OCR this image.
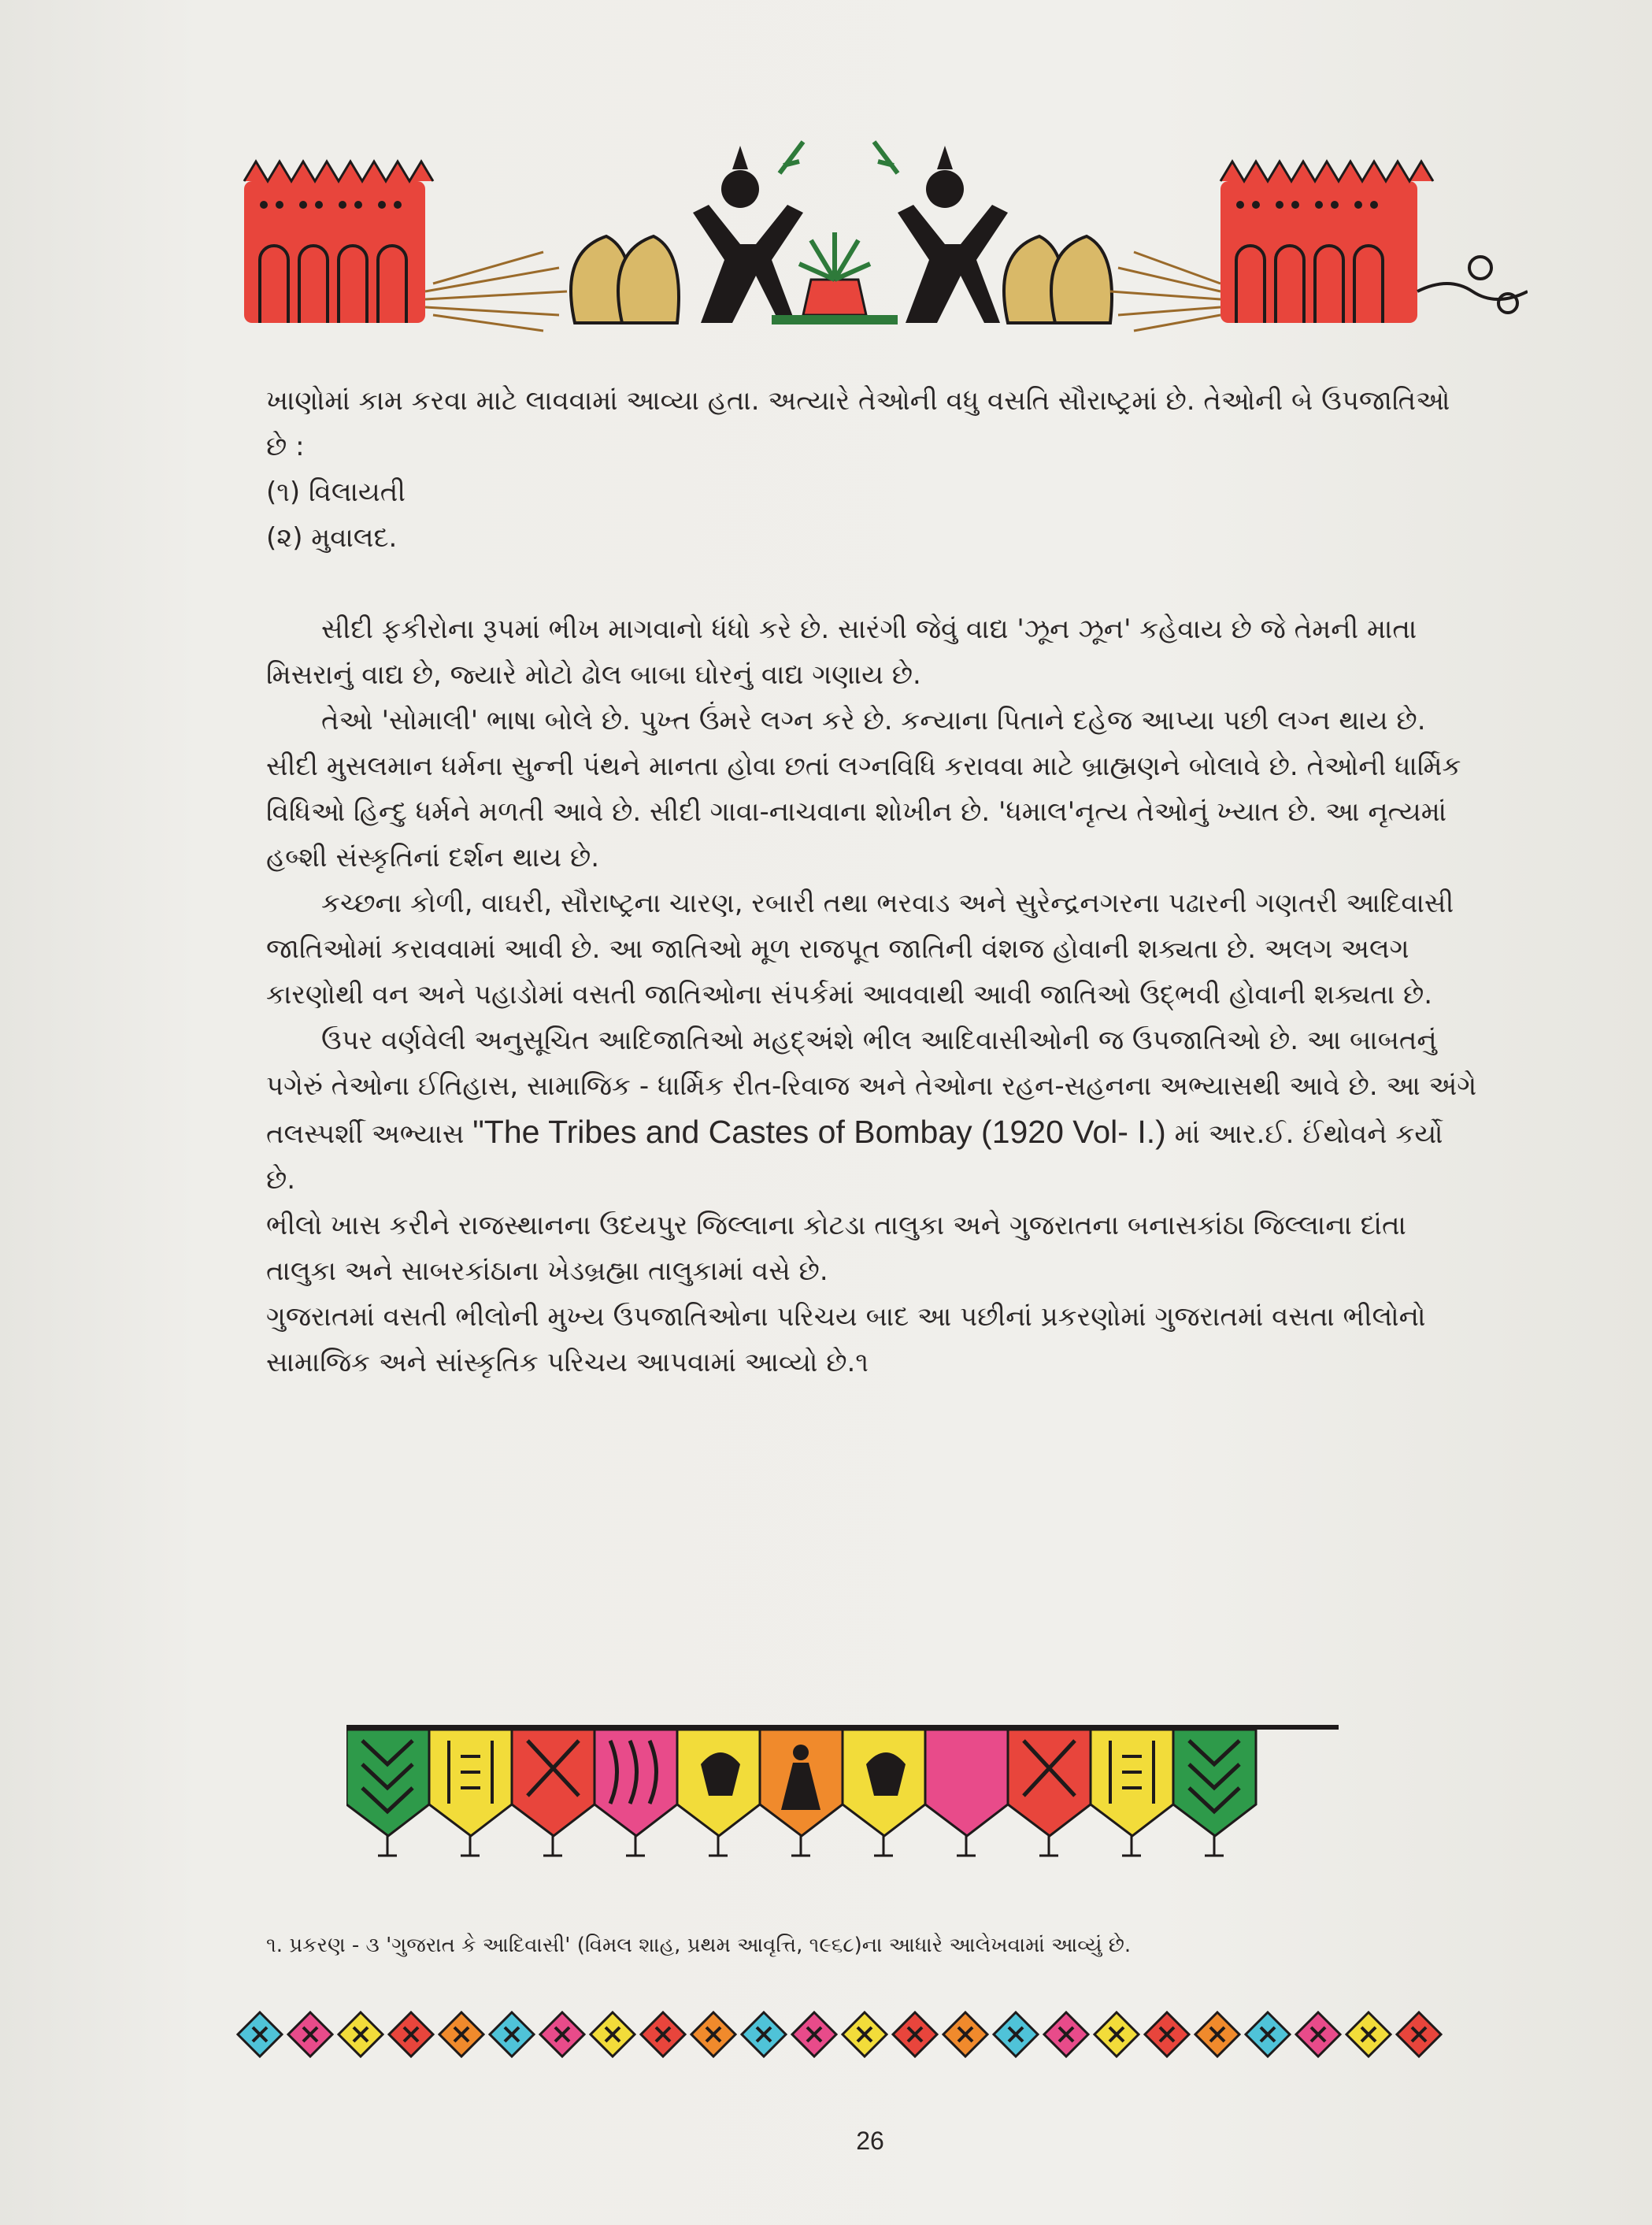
ખાણોમાં કામ કરવા માટે લાવવામાં આવ્યા હતા. અત્યારે તેઓની વધુ વસતિ સૌરાષ્ટ્રમાં છે. તેઓની બે ઉપજાતિઓ છે :

(૧) વિલાયતી

(૨) મુવાલદ.

સીદી ફકીરોના રૂપમાં ભીખ માગવાનો ધંધો કરે છે. સારંગી જેવું વાદ્ય 'ઝૂન ઝૂન' કહેવાય છે જે તેમની માતા મિસરાનું વાદ્ય છે, જ્યારે મોટો ઢોલ બાબા ઘોરનું વાદ્ય ગણાય છે.

તેઓ 'સોમાલી' ભાષા બોલે છે. પુખ્ત ઉંમરે લગ્ન કરે છે. કન્યાના પિતાને દહેજ આપ્યા પછી લગ્ન થાય છે. સીદી મુસલમાન ધર્મના સુન્ની પંથને માનતા હોવા છતાં લગ્નવિધિ કરાવવા માટે બ્રાહ્મણને બોલાવે છે. તેઓની ધાર્મિક વિધિઓ હિન્દુ ધર્મને મળતી આવે છે. સીદી ગાવા-નાચવાના શોખીન છે. 'ધમાલ'નૃત્ય તેઓનું ખ્યાત છે. આ નૃત્યમાં હબ્શી સંસ્કૃતિનાં દર્શન થાય છે.

કચ્છના કોળી, વાઘરી, સૌરાષ્ટ્રના ચારણ, રબારી તથા ભરવાડ અને સુરેન્દ્રનગરના પઢારની ગણતરી આદિવાસી જાતિઓમાં કરાવવામાં આવી છે. આ જાતિઓ મૂળ રાજપૂત જાતિની વંશજ હોવાની શક્યતા છે. અલગ અલગ કારણોથી વન અને પહાડોમાં વસતી જાતિઓના સંપર્કમાં આવવાથી આવી જાતિઓ ઉદ્ભવી હોવાની શક્યતા છે.

ઉપર વર્ણવેલી અનુસૂચિત આદિજાતિઓ મહદ્અંશે ભીલ આદિવાસીઓની જ ઉપજાતિઓ છે. આ બાબતનું પગેરું તેઓના ઈતિહાસ, સામાજિક - ધાર્મિક રીત-રિવાજ અને તેઓના રહન-સહનના અભ્યાસથી આવે છે. આ અંગે તલસ્પર્શી અભ્યાસ "The Tribes and Castes of Bombay (1920 Vol- I.) માં આર.ઈ. ઈંથોવને કર્યો છે.

ભીલો ખાસ કરીને રાજસ્થાનના ઉદયપુર જિલ્લાના કોટડા તાલુકા અને ગુજરાતના બનાસકાંઠા જિલ્લાના દાંતા તાલુકા અને સાબરકાંઠાના ખેડબ્રહ્મા તાલુકામાં વસે છે.

ગુજરાતમાં વસતી ભીલોની મુખ્ય ઉપજાતિઓના પરિચય બાદ આ પછીનાં પ્રકરણોમાં ગુજરાતમાં વસતા ભીલોનો સામાજિક અને સાંસ્કૃતિક પરિચય આપવામાં આવ્યો છે.૧

૧. પ્રકરણ - ૩ 'ગુજરાત કે આદિવાસી' (વિમલ શાહ, પ્રથમ આવૃત્તિ, ૧૯૬૮)ના આધારે આલેખવામાં આવ્યું છે.
26
